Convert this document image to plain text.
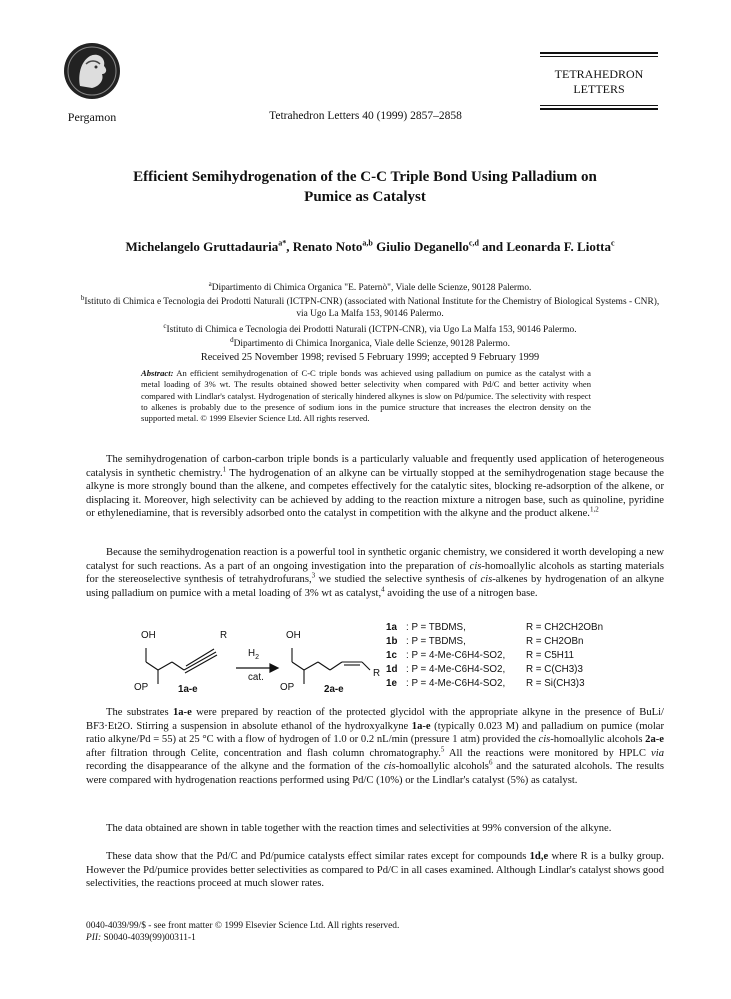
Pergamon	Tetrahedron Letters 40 (1999) 2857–2858
TETRAHEDRON
LETTERS
Efficient Semihydrogenation of the C-C Triple Bond Using Palladium on
Pumice as Catalyst
Michelangelo Gruttadauria$^{a*}$, Renato Noto$^{a,b}$ Giulio Deganello$^{c,d}$ and Leonarda F. Liotta$^c$
$^a$Dipartimento di Chimica Organica "E. Paternò", Viale delle Scienze, 90128 Palermo.
$^b$Istituto di Chimica e Tecnologia dei Prodotti Naturali (ICTPN-CNR) (associated with National Institute for the Chemistry of Biological Systems - CNR), via Ugo La Malfa 153, 90146 Palermo.
$^c$Istituto di Chimica e Tecnologia dei Prodotti Naturali (ICTPN-CNR), via Ugo La Malfa 153, 90146 Palermo.
$^d$Dipartimento di Chimica Inorganica, Viale delle Scienze, 90128 Palermo.
Received 25 November 1998; revised 5 February 1999; accepted 9 February 1999
Abstract: An efficient semihydrogenation of C-C triple bonds was achieved using palladium on pumice as the catalyst with a metal loading of 3% wt. The results obtained showed better selectivity when compared with Pd/C and better activity when compared with Lindlar's catalyst. Hydrogenation of sterically hindered alkynes is slow on Pd/pumice. The selectivity with respect to alkenes is probably due to the presence of sodium ions in the pumice structure that increases the electron density on the supported metal. © 1999 Elsevier Science Ltd. All rights reserved.

The semihydrogenation of carbon-carbon triple bonds is a particularly valuable and frequently used application of heterogeneous catalysis in synthetic chemistry.$^1$ The hydrogenation of an alkyne can be virtually stopped at the semihydrogenation stage because the alkyne is more strongly bound than the alkene, and competes effectively for the catalytic sites, blocking re-adsorption of the alkene, or displacing it. Moreover, high selectivity can be achieved by adding to the reaction mixture a nitrogen base, such as quinoline, pyridine or ethylenediamine, that is reversibly adsorbed onto the catalyst in competition with the alkyne and the product alkene.$^{1,2}$

Because the semihydrogenation reaction is a powerful tool in synthetic organic chemistry, we considered it worth developing a new catalyst for such reactions. As a part of an ongoing investigation into the preparation of cis-homoallylic alcohols as starting materials for the stereoselective synthesis of tetrahydrofurans,$^3$ we studied the selective synthesis of cis-alkenes by hydrogenation of an alkyne using palladium on pumice with a metal loading of 3% wt as catalyst,$^4$ avoiding the use of a nitrogen base.

OH	R
OP	1a-e
$H_2$
cat.
OH
R
OP	2a-e
1a : P = TBDMS,	R = CH2CH2OBn
1b : P = TBDMS,	R = CH2OBn
1c : P = 4-Me-C6H4-SO2, R = C5H11
1d : P = 4-Me-C6H4-SO2, R = C(CH3)3
1e : P = 4-Me-C6H4-SO2, R = Si(CH3)3

The substrates 1a-e were prepared by reaction of the protected glycidol with the appropriate alkyne in the presence of BuLi/ BF3·Et2O. Stirring a suspension in absolute ethanol of the hydroxyalkyne 1a-e (typically 0.023 M) and palladium on pumice (molar ratio alkyne/Pd = 55) at 25 °C with a flow of hydrogen of 1.0 or 0.2 nL/min (pressure 1 atm) provided the cis-homoallylic alcohols 2a-e after filtration through Celite, concentration and flash column chromatography.$^5$ All the reactions were monitored by HPLC via recording the disappearance of the alkyne and the formation of the cis-homoallylic alcohols$^6$ and the saturated alcohols. The results were compared with hydrogenation reactions performed using Pd/C (10%) or the Lindlar's catalyst (5%) as catalyst.

The data obtained are shown in table together with the reaction times and selectivities at 99% conversion of the alkyne.

These data show that the Pd/C and Pd/pumice catalysts effect similar rates except for compounds 1d,e where R is a bulky group. However the Pd/pumice provides better selectivities as compared to Pd/C in all cases examined. Although Lindlar's catalyst shows good selectivities, the reactions proceed at much slower rates.

0040-4039/99/$ - see front matter © 1999 Elsevier Science Ltd. All rights reserved.
PII: S0040-4039(99)00311-1
